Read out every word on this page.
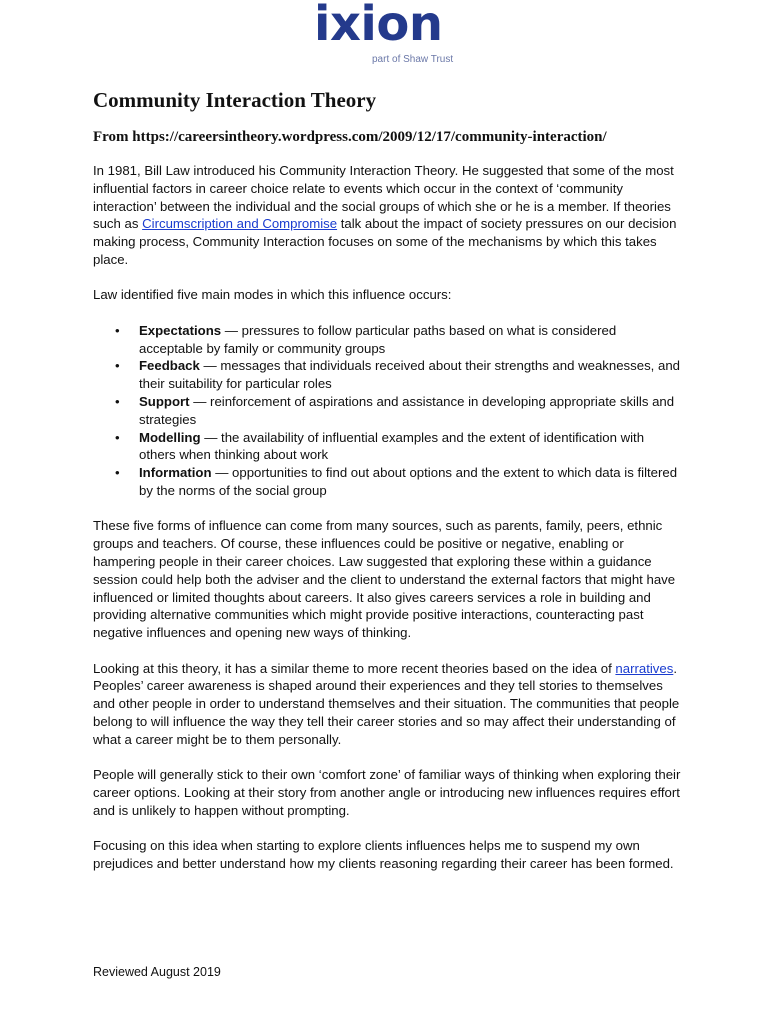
ixion
part of Shaw Trust
Community Interaction Theory
From https://careersintheory.wordpress.com/2009/12/17/community-interaction/

In 1981, Bill Law introduced his Community Interaction Theory. He suggested that some of the most influential factors in career choice relate to events which occur in the context of ‘community interaction’ between the individual and the social groups of which she or he is a member. If theories such as Circumscription and Compromise talk about the impact of society pressures on our decision making process, Community Interaction focuses on some of the mechanisms by which this takes place.

Law identified five main modes in which this influence occurs:

• Expectations — pressures to follow particular paths based on what is considered acceptable by family or community groups
• Feedback — messages that individuals received about their strengths and weaknesses, and their suitability for particular roles
• Support — reinforcement of aspirations and assistance in developing appropriate skills and strategies
• Modelling — the availability of influential examples and the extent of identification with others when thinking about work
• Information — opportunities to find out about options and the extent to which data is filtered by the norms of the social group

These five forms of influence can come from many sources, such as parents, family, peers, ethnic groups and teachers. Of course, these influences could be positive or negative, enabling or hampering people in their career choices. Law suggested that exploring these within a guidance session could help both the adviser and the client to understand the external factors that might have influenced or limited thoughts about careers. It also gives careers services a role in building and providing alternative communities which might provide positive interactions, counteracting past negative influences and opening new ways of thinking.

Looking at this theory, it has a similar theme to more recent theories based on the idea of narratives. Peoples’ career awareness is shaped around their experiences and they tell stories to themselves and other people in order to understand themselves and their situation. The communities that people belong to will influence the way they tell their career stories and so may affect their understanding of what a career might be to them personally.

People will generally stick to their own ‘comfort zone’ of familiar ways of thinking when exploring their career options. Looking at their story from another angle or introducing new influences requires effort and is unlikely to happen without prompting.

Focusing on this idea when starting to explore clients influences helps me to suspend my own prejudices and better understand how my clients reasoning regarding their career has been formed.

Reviewed August 2019
